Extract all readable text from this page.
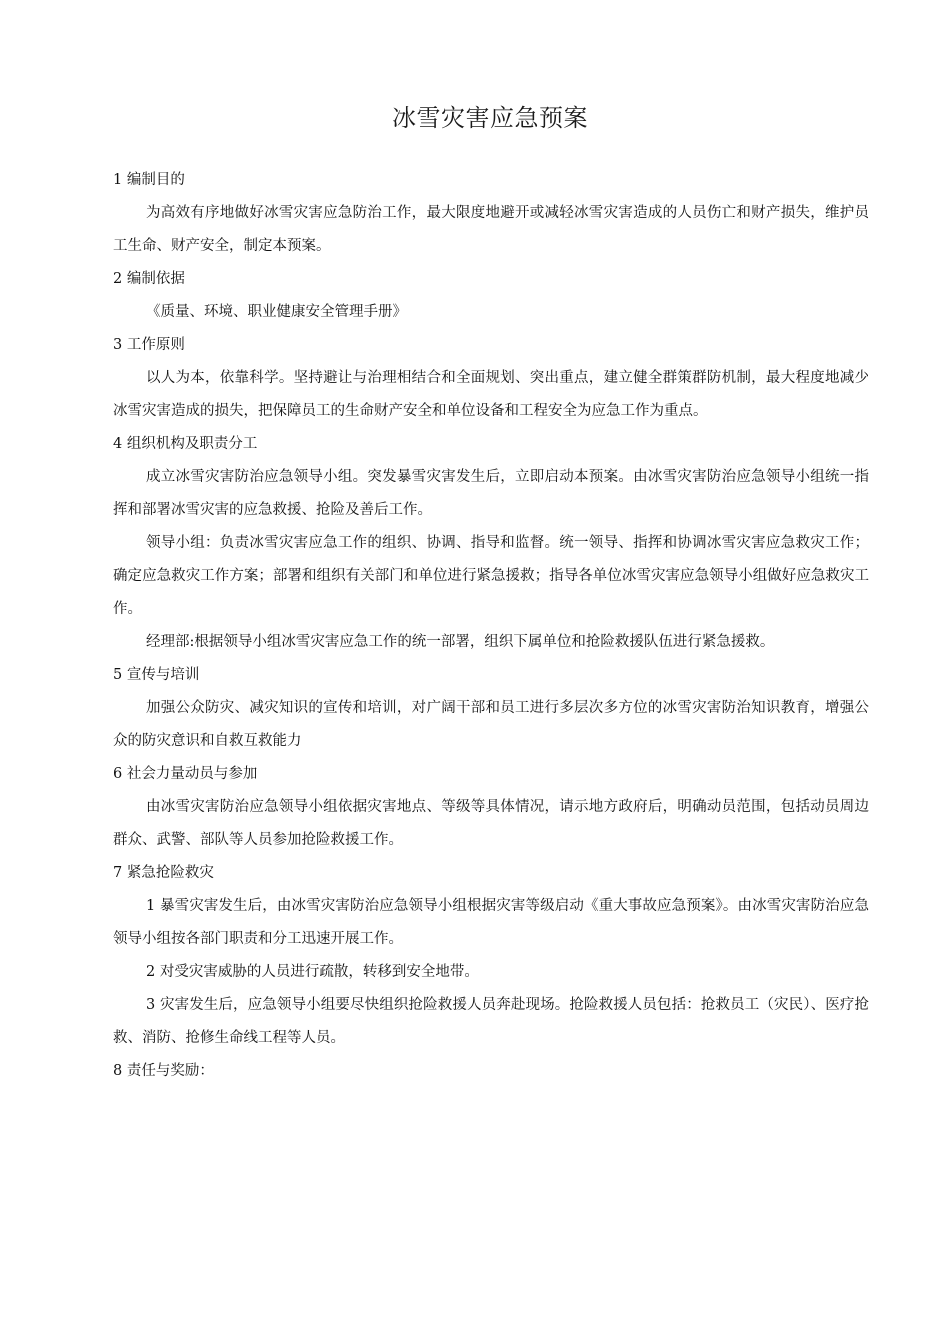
冰雪灾害应急预案

1 编制目的

为高效有序地做好冰雪灾害应急防治工作，最大限度地避开或减轻冰雪灾害造成的人员伤亡和财产损失，维护员工生命、财产安全，制定本预案。

2 编制依据

《质量、环境、职业健康安全管理手册》

3 工作原则

以人为本，依靠科学。坚持避让与治理相结合和全面规划、突出重点，建立健全群策群防机制，最大程度地减少冰雪灾害造成的损失，把保障员工的生命财产安全和单位设备和工程安全为应急工作为重点。

4 组织机构及职责分工

成立冰雪灾害防治应急领导小组。突发暴雪灾害发生后，立即启动本预案。由冰雪灾害防治应急领导小组统一指挥和部署冰雪灾害的应急救援、抢险及善后工作。

领导小组：负责冰雪灾害应急工作的组织、协调、指导和监督。统一领导、指挥和协调冰雪灾害应急救灾工作；确定应急救灾工作方案；部署和组织有关部门和单位进行紧急援救；指导各单位冰雪灾害应急领导小组做好应急救灾工作。

经理部:根据领导小组冰雪灾害应急工作的统一部署，组织下属单位和抢险救援队伍进行紧急援救。

5 宣传与培训

加强公众防灾、减灾知识的宣传和培训，对广阔干部和员工进行多层次多方位的冰雪灾害防治知识教育，增强公众的防灾意识和自救互救能力

6 社会力量动员与参加

由冰雪灾害防治应急领导小组依据灾害地点、等级等具体情况，请示地方政府后，明确动员范围，包括动员周边群众、武警、部队等人员参加抢险救援工作。

7 紧急抢险救灾

1 暴雪灾害发生后，由冰雪灾害防治应急领导小组根据灾害等级启动《重大事故应急预案》。由冰雪灾害防治应急领导小组按各部门职责和分工迅速开展工作。

2 对受灾害威胁的人员进行疏散，转移到安全地带。

3 灾害发生后，应急领导小组要尽快组织抢险救援人员奔赴现场。抢险救援人员包括：抢救员工（灾民）、医疗抢救、消防、抢修生命线工程等人员。

8 责任与奖励：
